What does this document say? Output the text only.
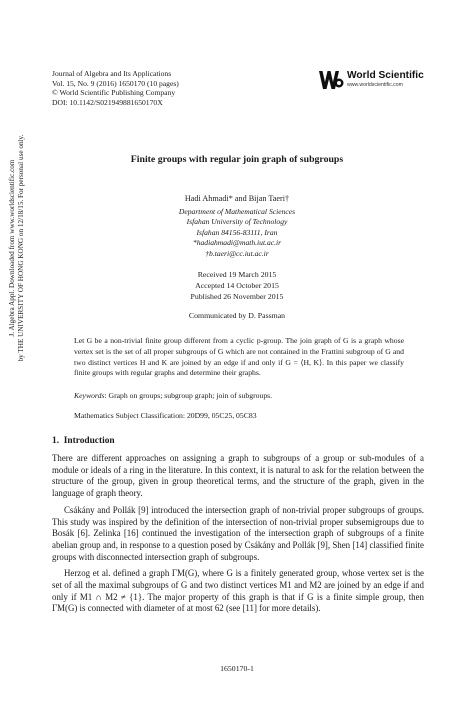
J. Algebra Appl. Downloaded from www.worldscientific.com by THE UNIVERSITY OF HONG KONG on 12/18/15. For personal use only.
Journal of Algebra and Its Applications
Vol. 15, No. 9 (2016) 1650170 (10 pages)
© World Scientific Publishing Company
DOI: 10.1142/S021949881650170X
World Scientific
www.worldscientific.com
Finite groups with regular join graph of subgroups
Hadi Ahmadi* and Bijan Taeri†
Department of Mathematical Sciences
Isfahan University of Technology
Isfahan 84156-83111, Iran
*hadiahmadi@math.iut.ac.ir
†b.taeri@cc.iut.ac.ir
Received 19 March 2015
Accepted 14 October 2015
Published 26 November 2015
Communicated by D. Passman

Let G be a non-trivial finite group different from a cyclic p-group. The join graph of G is a graph whose vertex set is the set of all proper subgroups of G which are not contained in the Frattini subgroup of G and two distinct vertices H and K are joined by an edge if and only if G = ⟨H, K⟩. In this paper we classify finite groups with regular graphs and determine their graphs.

Keywords: Graph on groups; subgroup graph; join of subgroups.
Mathematics Subject Classification: 20D99, 05C25, 05C83
1. Introduction

There are different approaches on assigning a graph to subgroups of a group or sub-modules of a module or ideals of a ring in the literature. In this context, it is natural to ask for the relation between the structure of the group, given in group theoretical terms, and the structure of the graph, given in the language of graph theory.

Csákány and Pollák [9] introduced the intersection graph of non-trivial proper subgroups of groups. This study was inspired by the definition of the intersection of non-trivial proper subsemigroups due to Bosák [6]. Zelinka [16] continued the investigation of the intersection graph of subgroups of a finite abelian group and, in response to a question posed by Csákány and Pollák [9], Shen [14] classified finite groups with disconnected intersection graph of subgroups.

Herzog et al. defined a graph ΓM(G), where G is a finitely generated group, whose vertex set is the set of all the maximal subgroups of G and two distinct vertices M1 and M2 are joined by an edge if and only if M1 ∩ M2 ≠ {1}. The major property of this graph is that if G is a finite simple group, then ΓM(G) is connected with diameter of at most 62 (see [11] for more details).

1650170-1
